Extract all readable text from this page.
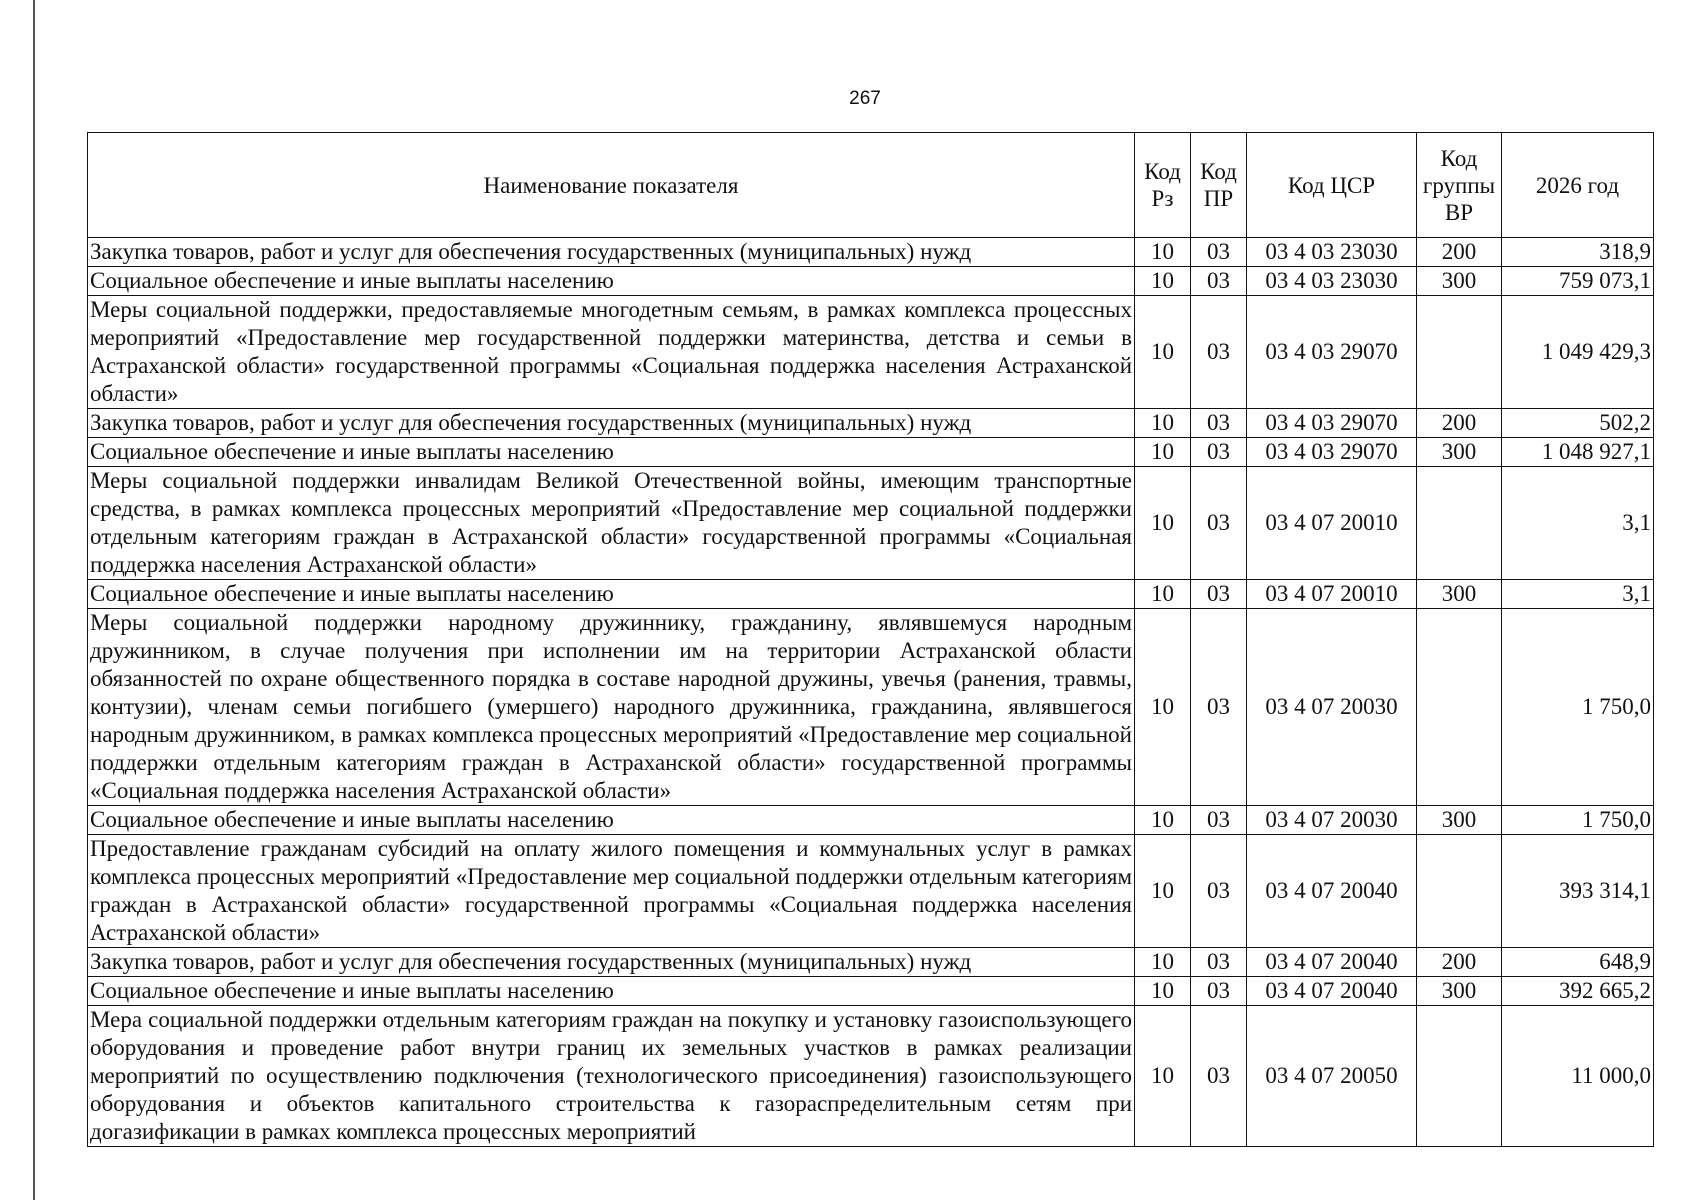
267
Наименование показателя	Код Рз	Код ПР	Код ЦСР	Код группы ВР	2026 год
Закупка товаров, работ и услуг для обеспечения государственных (муниципальных) нужд	10	03	03 4 03 23030	200	318,9
Социальное обеспечение и иные выплаты населению	10	03	03 4 03 23030	300	759 073,1
Меры социальной поддержки, предоставляемые многодетным семьям, в рамках комплекса процессных мероприятий «Предоставление мер государственной поддержки материнства, детства и семьи в Астраханской области» государственной программы «Социальная поддержка населения Астраханской области»	10	03	03 4 03 29070		1 049 429,3
Закупка товаров, работ и услуг для обеспечения государственных (муниципальных) нужд	10	03	03 4 03 29070	200	502,2
Социальное обеспечение и иные выплаты населению	10	03	03 4 03 29070	300	1 048 927,1
Меры социальной поддержки инвалидам Великой Отечественной войны, имеющим транспортные средства, в рамках комплекса процессных мероприятий «Предоставление мер социальной поддержки отдельным категориям граждан в Астраханской области» государственной программы «Социальная поддержка населения Астраханской области»	10	03	03 4 07 20010		3,1
Социальное обеспечение и иные выплаты населению	10	03	03 4 07 20010	300	3,1
Меры социальной поддержки народному дружиннику, гражданину, являвшемуся народным дружинником, в случае получения при исполнении им на территории Астраханской области обязанностей по охране общественного порядка в составе народной дружины, увечья (ранения, травмы, контузии), членам семьи погибшего (умершего) народного дружинника, гражданина, являвшегося народным дружинником, в рамках комплекса процессных мероприятий «Предоставление мер социальной поддержки отдельным категориям граждан в Астраханской области» государственной программы «Социальная поддержка населения Астраханской области»	10	03	03 4 07 20030		1 750,0
Социальное обеспечение и иные выплаты населению	10	03	03 4 07 20030	300	1 750,0
Предоставление гражданам субсидий на оплату жилого помещения и коммунальных услуг в рамках комплекса процессных мероприятий «Предоставление мер социальной поддержки отдельным категориям граждан в Астраханской области» государственной программы «Социальная поддержка населения Астраханской области»	10	03	03 4 07 20040		393 314,1
Закупка товаров, работ и услуг для обеспечения государственных (муниципальных) нужд	10	03	03 4 07 20040	200	648,9
Социальное обеспечение и иные выплаты населению	10	03	03 4 07 20040	300	392 665,2
Мера социальной поддержки отдельным категориям граждан на покупку и установку газоиспользующего оборудования и проведение работ внутри границ их земельных участков в рамках реализации мероприятий по осуществлению подключения (технологического присоединения) газоиспользующего оборудования и объектов капитального строительства к газораспределительным сетям при догазификации в рамках комплекса процессных мероприятий	10	03	03 4 07 20050		11 000,0
